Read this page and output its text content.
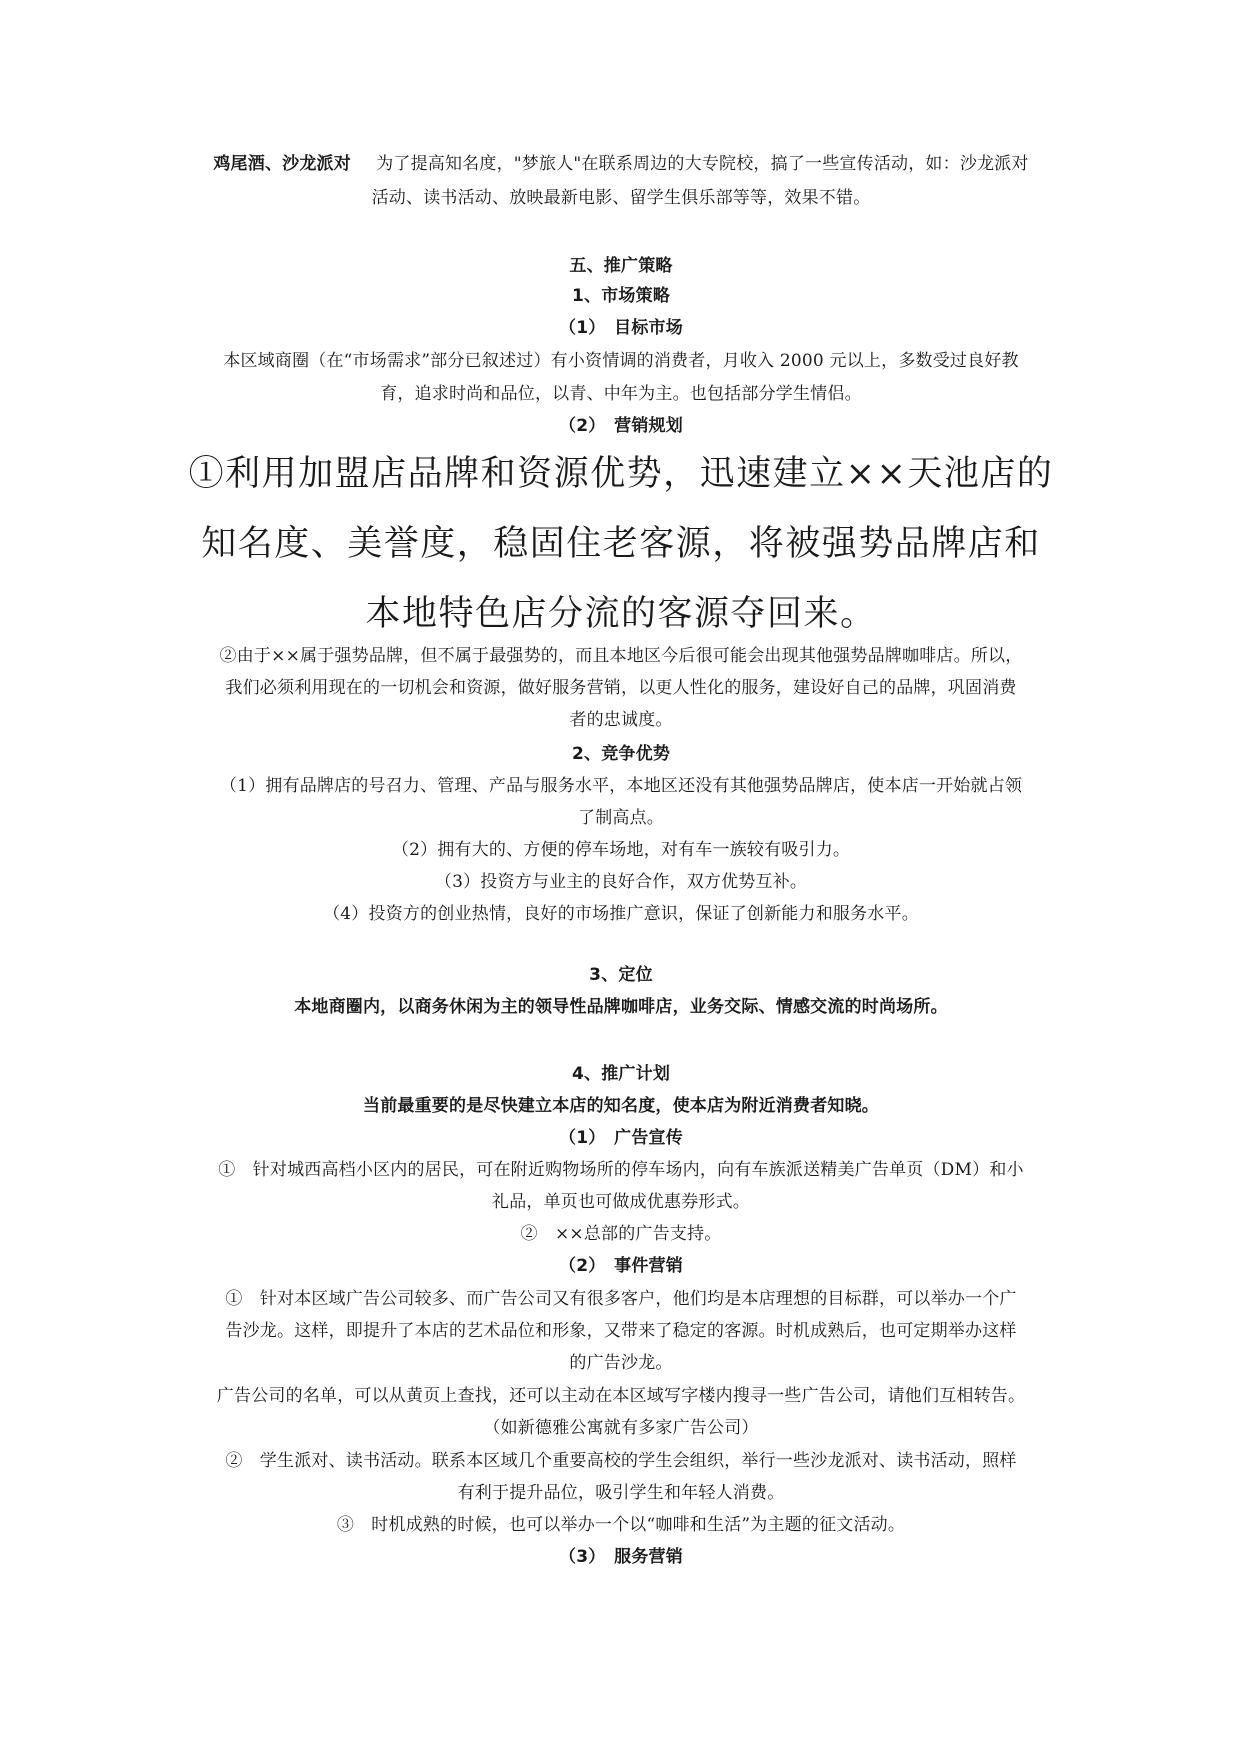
鸡尾酒、沙龙派对 为了提高知名度，"梦旅人"在联系周边的大专院校，搞了一些宣传活动，如：沙龙派对
活动、读书活动、放映最新电影、留学生俱乐部等等，效果不错。
五、推广策略
1、市场策略
（1）　目标市场
本区域商圈（在“市场需求”部分已叙述过）有小资情调的消费者，月收入 2000 元以上，多数受过良好教
育，追求时尚和品位，以青、中年为主。也包括部分学生情侣。
（2）　营销规划
①利用加盟店品牌和资源优势，迅速建立××天池店的
知名度、美誉度，稳固住老客源，将被强势品牌店和
本地特色店分流的客源夺回来。
②由于××属于强势品牌，但不属于最强势的，而且本地区今后很可能会出现其他强势品牌咖啡店。所以，
我们必须利用现在的一切机会和资源，做好服务营销，以更人性化的服务，建设好自己的品牌，巩固消费
者的忠诚度。
2、竞争优势
（1）拥有品牌店的号召力、管理、产品与服务水平，本地区还没有其他强势品牌店，使本店一开始就占领
了制高点。
（2）拥有大的、方便的停车场地，对有车一族较有吸引力。
（3）投资方与业主的良好合作，双方优势互补。
（4）投资方的创业热情，良好的市场推广意识，保证了创新能力和服务水平。
3、定位
本地商圈内，以商务休闲为主的领导性品牌咖啡店，业务交际、情感交流的时尚场所。
4、推广计划
当前最重要的是尽快建立本店的知名度，使本店为附近消费者知晓。
（1）　广告宣传
①　针对城西高档小区内的居民，可在附近购物场所的停车场内，向有车族派送精美广告单页（DM）和小
礼品，单页也可做成优惠券形式。
②　××总部的广告支持。
（2）　事件营销
①　针对本区域广告公司较多、而广告公司又有很多客户，他们均是本店理想的目标群，可以举办一个广
告沙龙。这样，即提升了本店的艺术品位和形象，又带来了稳定的客源。时机成熟后，也可定期举办这样
的广告沙龙。
广告公司的名单，可以从黄页上查找，还可以主动在本区域写字楼内搜寻一些广告公司，请他们互相转告。
（如新德雅公寓就有多家广告公司）
②　学生派对、读书活动。联系本区域几个重要高校的学生会组织，举行一些沙龙派对、读书活动，照样
有利于提升品位，吸引学生和年轻人消费。
③　时机成熟的时候，也可以举办一个以“咖啡和生活”为主题的征文活动。
（3）　服务营销
